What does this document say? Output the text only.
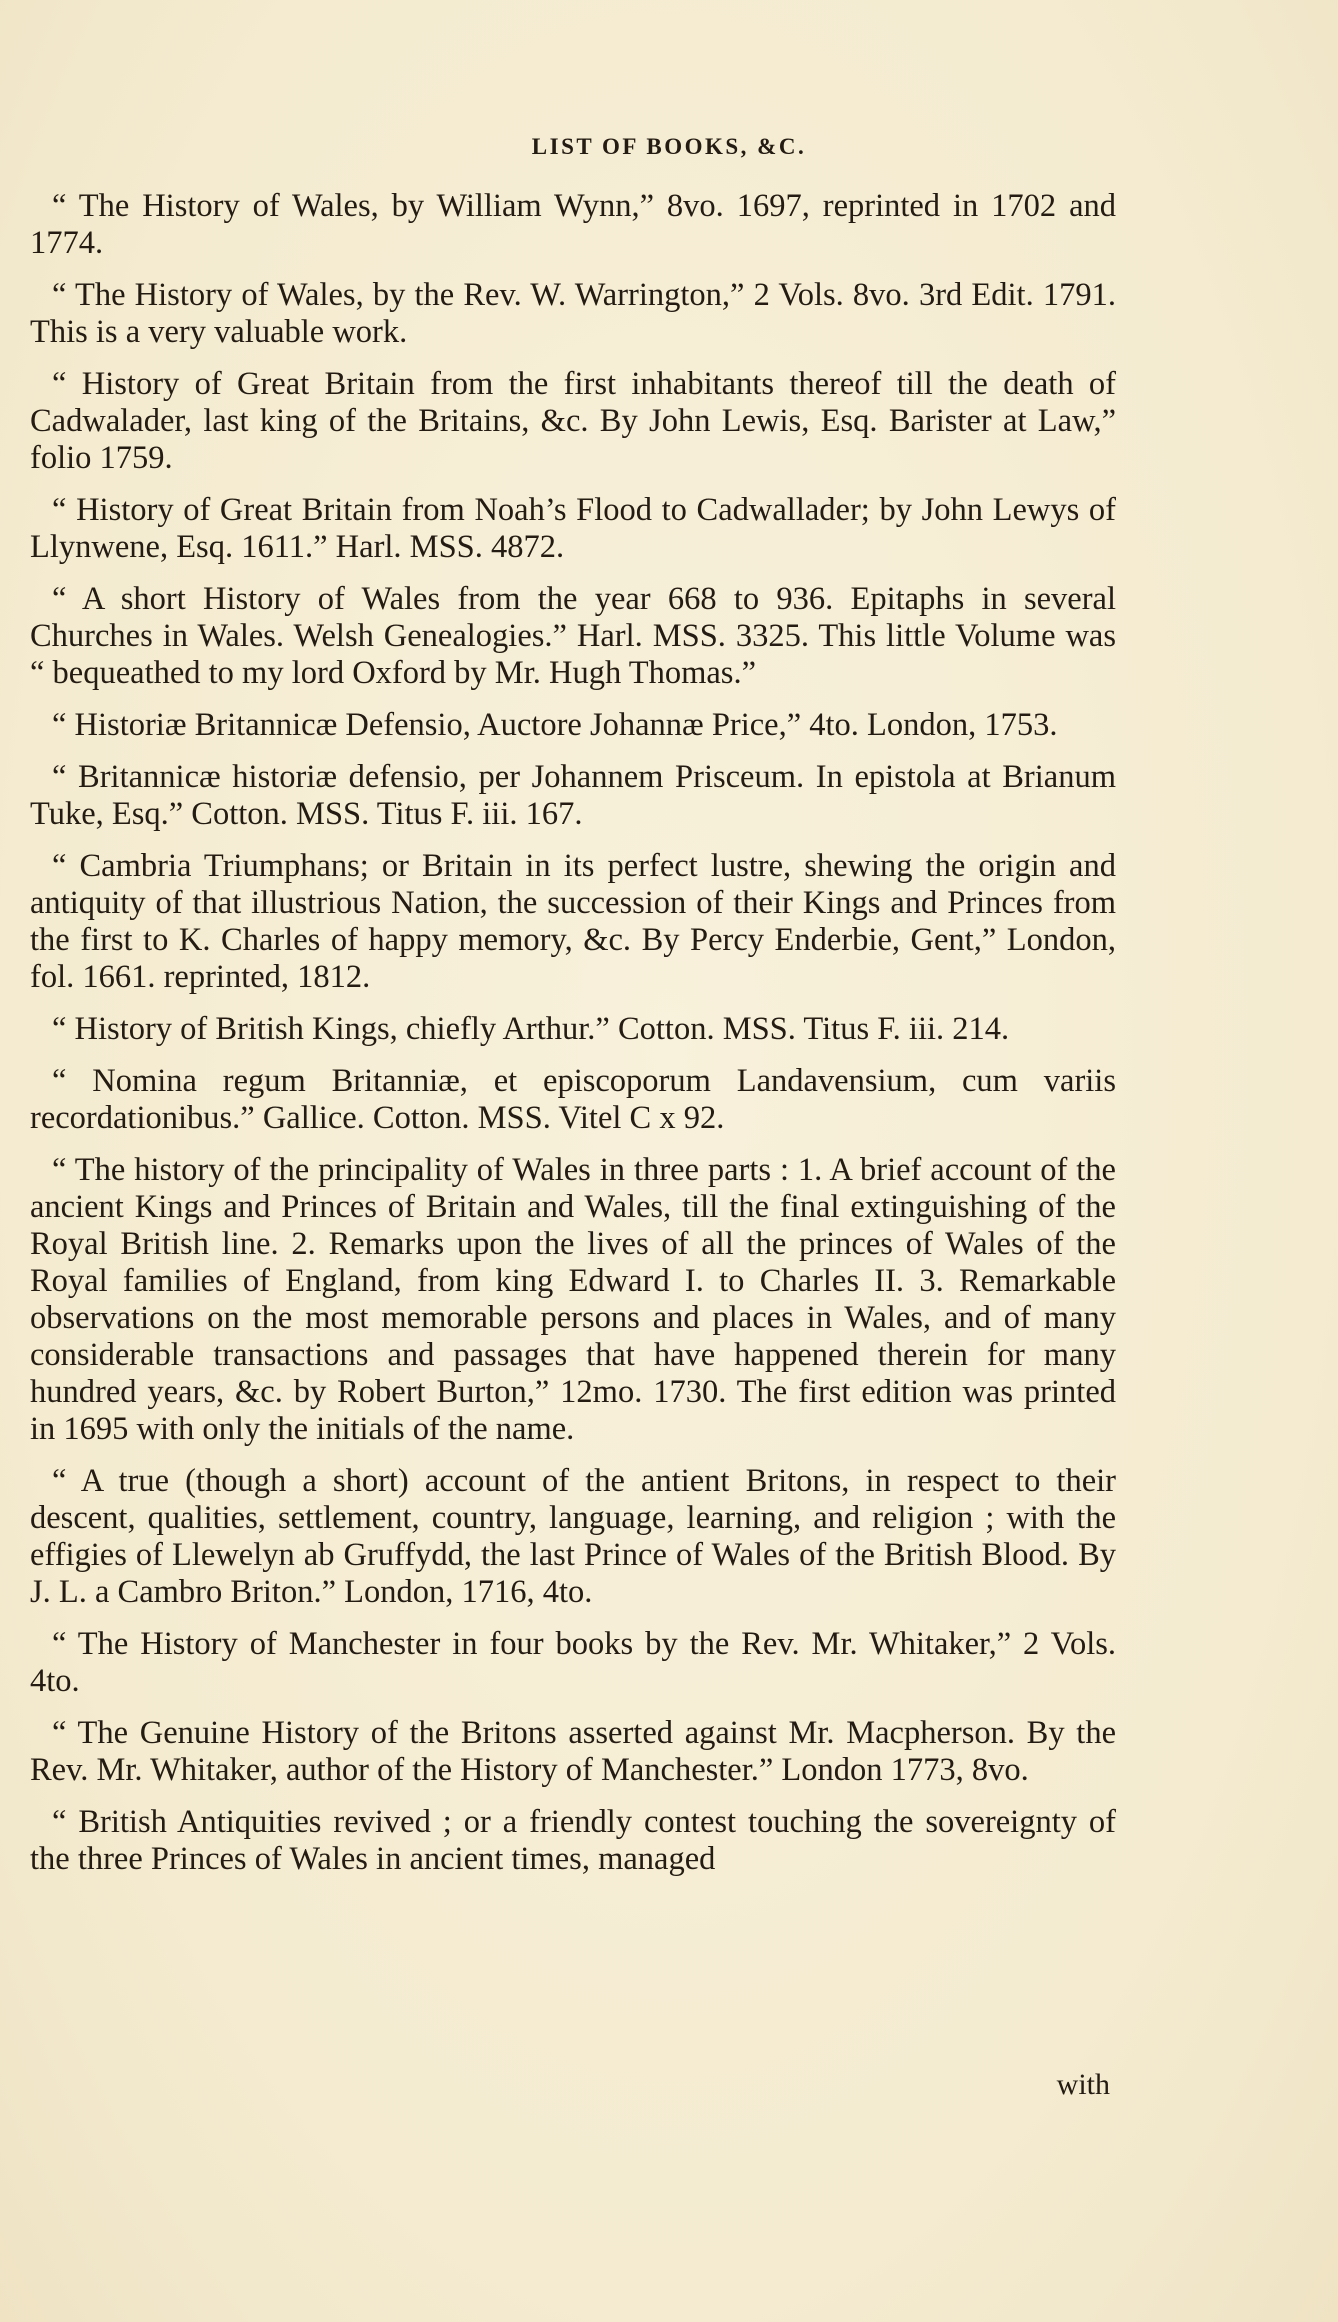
LIST OF BOOKS, &C.

“ The History of Wales, by William Wynn,” 8vo. 1697, reprinted in 1702 and 1774.

“ The History of Wales, by the Rev. W. Warrington,” 2 Vols. 8vo. 3rd Edit. 1791. This is a very valuable work.

“ History of Great Britain from the first inhabitants thereof till the death of Cadwalader, last king of the Britains, &c. By John Lewis, Esq. Barister at Law,” folio 1759.

“ History of Great Britain from Noah’s Flood to Cadwallader; by John Lewys of Llynwene, Esq. 1611.” Harl. MSS. 4872.

“ A short History of Wales from the year 668 to 936. Epitaphs in several Churches in Wales. Welsh Genealogies.” Harl. MSS. 3325. This little Volume was “ bequeathed to my lord Oxford by Mr. Hugh Thomas.”

“ Historiæ Britannicæ Defensio, Auctore Johannæ Price,” 4to. London, 1753.

“ Britannicæ historiæ defensio, per Johannem Prisceum. In epistola at Brianum Tuke, Esq.” Cotton. MSS. Titus F. iii. 167.

“ Cambria Triumphans; or Britain in its perfect lustre, shewing the origin and antiquity of that illustrious Nation, the succession of their Kings and Princes from the first to K. Charles of happy memory, &c. By Percy Enderbie, Gent,” London, fol. 1661. reprinted, 1812.

“ History of British Kings, chiefly Arthur.” Cotton. MSS. Titus F. iii. 214.

“ Nomina regum Britanniæ, et episcoporum Landavensium, cum variis recordationibus.” Gallice. Cotton. MSS. Vitel C x 92.

“ The history of the principality of Wales in three parts : 1. A brief account of the ancient Kings and Princes of Britain and Wales, till the final extinguishing of the Royal British line. 2. Remarks upon the lives of all the princes of Wales of the Royal families of England, from king Edward I. to Charles II. 3. Remarkable observations on the most memorable persons and places in Wales, and of many considerable transactions and passages that have happened therein for many hundred years, &c. by Robert Burton,” 12mo. 1730. The first edition was printed in 1695 with only the initials of the name.

“ A true (though a short) account of the antient Britons, in respect to their descent, qualities, settlement, country, language, learning, and religion ; with the effigies of Llewelyn ab Gruffydd, the last Prince of Wales of the British Blood. By J. L. a Cambro Briton.” London, 1716, 4to.

“ The History of Manchester in four books by the Rev. Mr. Whitaker,” 2 Vols. 4to.

“ The Genuine History of the Britons asserted against Mr. Macpherson. By the Rev. Mr. Whitaker, author of the History of Manchester.” London 1773, 8vo.

“ British Antiquities revived ; or a friendly contest touching the sovereignty of the three Princes of Wales in ancient times, managed

with
